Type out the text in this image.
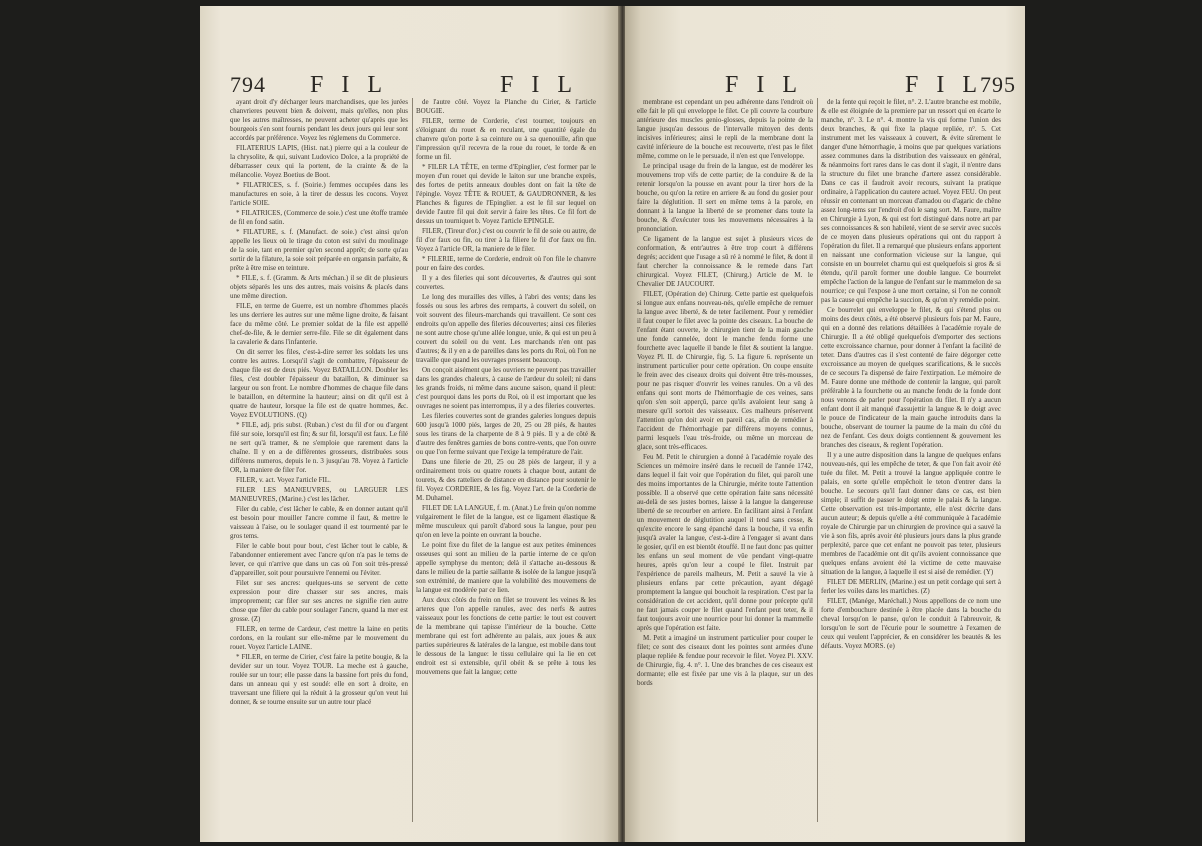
794 F I L	F I L

ayant droit d'y décharger leurs marchandises, que les jurées chanvrieres peuvent bien & doivent, mais qu'elles, non plus que les autres maîtresses, ne peuvent acheter qu'après que les bourgeois s'en sont fournis pendant les deux jours qui leur sont accordés par préférence. Voyez les réglemens du Commerce.

FILATERIUS LAPIS, (Hist. nat.) pierre qui a la couleur de la chrysolite, & qui, suivant Ludovico Dolce, a la propriété de débarrasser ceux qui la portent, de la crainte & de la mélancolie. Voyez Boetius de Boot.

* FILATRICES, s. f. (Soirie.) femmes occupées dans les manufactures en soie, à la tirer de dessus les cocons. Voyez l'article SOIE.

* FILATRICES, (Commerce de soie.) c'est une étoffe tramée de fil en fond satin.

* FILATURE, s. f. (Manufact. de soie.) c'est ainsi qu'on appelle les lieux où le tirage du coton est suivi du moulinage de la soie, tant en premier qu'en second apprêt; de sorte qu'au sortir de la filature, la soie soit préparée en organsin parfaite, & prête à être mise en teinture.

* FILE, s. f. (Gramm. & Arts méchan.) il se dit de plusieurs objets séparés les uns des autres, mais voisins & placés dans une même direction.

FILE, en terme de Guerre, est un nombre d'hommes placés les uns derriere les autres sur une même ligne droite, & faisant face du même côté. Le premier soldat de la file est appellé chef-de-file, & le dernier serre-file. File se dit également dans la cavalerie & dans l'infanterie.

On dit serrer les files, c'est-à-dire serrer les soldats les uns contre les autres. Lorsqu'il s'agit de combattre, l'épaisseur de chaque file est de deux piés. Voyez BATAILLON. Doubler les files, c'est doubler l'épaisseur du bataillon, & diminuer sa largeur ou son front. Le nombre d'hommes de chaque file dans le bataillon, en détermine la hauteur; ainsi on dit qu'il est à quatre de hauteur, lorsque la file est de quatre hommes, &c. Voyez EVOLUTIONS. (Q)

* FILE, adj. pris subst. (Ruban.) c'est du fil d'or ou d'argent filé sur soie, lorsqu'il est fin; & sur fil, lorsqu'il est faux. Le filé ne sert qu'à tramer, & ne s'emploie que rarement dans la chaîne. Il y en a de différentes grosseurs, distribuées sous différens numeros, depuis le n. 3 jusqu'au 78. Voyez à l'article OR, la maniere de filer l'or.

FILER, v. act. Voyez l'article FIL.

FILER LES MANŒUVRES, ou LARGUER LES MANŒUVRES, (Marine.) c'est les lâcher.

Filer du cable, c'est lâcher le cable, & en donner autant qu'il est besoin pour mouiller l'ancre comme il faut, & mettre le vaisseau à l'aise, ou le soulager quand il est tourmenté par le gros tems.

Filer le cable bout pour bout, c'est lâcher tout le cable, & l'abandonner entierement avec l'ancre qu'on n'a pas le tems de lever, ce qui n'arrive que dans un cas où l'on soit très-pressé d'appareiller, soit pour poursuivre l'ennemi ou l'éviter.

Filet sur ses ancres: quelques-uns se servent de cette expression pour dire chasser sur ses ancres, mais improprement; car filer sur ses ancres ne signifie rien autre chose que filer du cable pour soulager l'ancre, quand la mer est grosse. (Z)

FILER, en terme de Cardeur, c'est mettre la laine en petits cordons, en la roulant sur elle-même par le mouvement du rouet. Voyez l'article LAINE.

* FILER, en terme de Cirier, c'est faire la petite bougie, & la devider sur un tour. Voyez TOUR. La meche est à gauche, roulée sur un tour; elle passe dans la bassine fort près du fond, dans un anneau qui y est soudé: elle en sort à droite, en traversant une filiere qui la réduit à la grosseur qu'on veut lui donner, & se tourne ensuite sur un autre tour placé

de l'autre côté. Voyez la Planche du Cirier, & l'article BOUGIE.

FILER, terme de Corderie, c'est tourner, toujours en s'éloignant du rouet & en reculant, une quantité égale du chanvre qu'on porte à sa ceinture ou à sa quenouille, afin que l'impression qu'il recevra de la roue du rouet, le torde & en forme un fil.

* FILER LA TÊTE, en terme d'Epinglier, c'est former par le moyen d'un rouet qui devide le laiton sur une branche exprès, des fortes de petits anneaux doubles dont on fait la tête de l'épingle. Voyez TÊTE & ROUET, & GAUDRONNER, & les Planches & figures de l'Epinglier. a est le fil sur lequel on devide l'autre fil qui doit servir à faire les têtes. Ce fil fort de dessus un tourniquet b. Voyez l'article EPINGLE.

FILER, (Tireur d'or.) c'est ou couvrir le fil de soie ou autre, de fil d'or faux ou fin, ou tirer à la filiere le fil d'or faux ou fin. Voyez à l'article OR, la maniere de le filer.

* FILERIE, terme de Corderie, endroit où l'on file le chanvre pour en faire des cordes.

Il y a des fileries qui sont découvertes, & d'autres qui sont couvertes.

Le long des murailles des villes, à l'abri des vents; dans les fossés ou sous les arbres des remparts, à couvert du soleil, on voit souvent des fileurs-marchands qui travaillent. Ce sont ces endroits qu'on appelle des fileries découvertes; ainsi ces fileries ne sont autre chose qu'une allée longue, unie, & qui est un peu à couvert du soleil ou du vent. Les marchands n'en ont pas d'autres; & il y en a de pareilles dans les ports du Roi, où l'on ne travaille que quand les ouvrages pressent beaucoup.

On conçoit aisément que les ouvriers ne peuvent pas travailler dans les grandes chaleurs, à cause de l'ardeur du soleil; ni dans les grands froids, ni même dans aucune saison, quand il pleut: c'est pourquoi dans les ports du Roi, où il est important que les ouvrages ne soient pas interrompus, il y a des fileries couvertes.

Les fileries couvertes sont de grandes galeries longues depuis 600 jusqu'à 1000 piés, larges de 20, 25 ou 28 piés, & hautes sous les tirans de la charpente de 8 à 9 piés. Il y a de côté & d'autre des fenêtres garnies de bons contre-vents, que l'on ouvre ou que l'on ferme suivant que l'exige la température de l'air.

Dans une filerie de 20, 25 ou 28 piés de largeur, il y a ordinairement trois ou quatre rouets à chaque bout, autant de tourets, & des ratteliers de distance en distance pour soutenir le fil. Voyez CORDERIE, & les fig. Voyez l'art. de la Corderie de M. Duhamel.

FILET DE LA LANGUE, f. m. (Anat.) Le frein qu'on nomme vulgairement le filet de la langue, est ce ligament élastique & même musculeux qui paroît d'abord sous la langue, pour peu qu'on en leve la pointe en ouvrant la bouche.

Le point fixe du filet de la langue est aux petites éminences osseuses qui sont au milieu de la partie interne de ce qu'on appelle symphyse du menton; delà il s'attache au-dessous & dans le milieu de la partie saillante & isolée de la langue jusqu'à son extrémité, de maniere que la volubilité des mouvemens de la langue est modérée par ce lien.

Aux deux côtés du frein on filet se trouvent les veines & les arteres que l'on appelle ranules, avec des nerfs & autres vaisseaux pour les fonctions de cette partie: le tout est couvert de la membrane qui tapisse l'intérieur de la bouche. Cette membrane qui est fort adhérente au palais, aux joues & aux parties supérieures & latérales de la langue, est mobile dans tout le dessous de la langue: le tissu cellulaire qui la lie en cet endroit est si extensible, qu'il obéit & se prête à tous les mouvemens que fait la langue; cette

F I L	F I L
795

membrane est cependant un peu adhérente dans l'endroit où elle fait le pli qui enveloppe le filet. Ce pli couvre la courbure antérieure des muscles genio-glosses, depuis la pointe de la langue jusqu'au dessous de l'intervalle mitoyen des dents incisives inférieures; ainsi le repli de la membrane dont la cavité inférieure de la bouche est recouverte, n'est pas le filet même, comme on le le persuade, il n'en est que l'enveloppe.

Le principal usage du frein de la langue, est de modérer les mouvemens trop vifs de cette partie; de la conduire & de la retenir lorsqu'on la pousse en avant pour la tirer hors de la bouche, ou qu'on la retire en arriere & au fond du gosier pour faire la déglutition. Il sert en même tems à la parole, en donnant à la langue la liberté de se promener dans toute la bouche, & d'exécuter tous les mouvemens nécessaires à la prononciation.

Ce ligament de la langue est sujet à plusieurs vices de conformation, & entr'autres à être trop court à différens degrés; accident que l'usage a sû ré à nommé le filet, & dont il faut chercher la connoissance & le remede dans l'art chirurgical. Voyez FILET, (Chirurg.) Article de M. le Chevalier DE JAUCOURT.

FILET, (Opération de) Chirurg. Cette partie est quelquefois si longue aux enfans nouveau-nés, qu'elle empêche de remuer la langue avec liberté, & de teter facilement. Pour y remédier il faut couper le filet avec la pointe des ciseaux. La bouche de l'enfant étant ouverte, le chirurgien tient de la main gauche une fonde cannelée, dont le manche fendu forme une fourchette avec laquelle il bande le filet & soutient la langue. Voyez Pl. II. de Chirurgie, fig. 5. La figure 6. représente un instrument particulier pour cette opération. On coupe ensuite le frein avec des ciseaux droits qui doivent être très-mousses, pour ne pas risquer d'ouvrir les veines ranules. On a vû des enfans qui sont morts de l'hémorrhagie de ces veines, sans qu'on s'en soit apperçû, parce qu'ils avaloient leur sang à mesure qu'il sortoit des vaisseaux. Ces malheurs préservent l'attention qu'on doit avoir en pareil cas, afin de remédier à l'accident de l'hémorrhagie par différens moyens connus, parmi lesquels l'eau très-froide, ou même un morceau de glace, sont très-efficaces.

Feu M. Petit le chirurgien a donné à l'académie royale des Sciences un mémoire inséré dans le recueil de l'année 1742, dans lequel il fait voir que l'opération du filet, qui paroît une des moins importantes de la Chirurgie, mérite toute l'attention possible. Il a observé que cette opération faite sans nécessité au-delà de ses justes bornes, laisse à la langue la dangereuse liberté de se recourber en arriere. En facilitant ainsi à l'enfant un mouvement de déglutition auquel il tend sans cesse, & qu'excite encore le sang épanché dans la bouche, il va enfin jusqu'à avaler la langue, c'est-à-dire à l'engager si avant dans le gosier, qu'il en est bientôt étouffé. Il ne faut donc pas quitter les enfans un seul moment de vûe pendant vingt-quatre heures, après qu'on leur a coupé le filet. Instruit par l'expérience de pareils malheurs, M. Petit a sauvé la vie à plusieurs enfans par cette précaution, ayant dégagé promptement la langue qui bouchoit la respiration. C'est par la considération de cet accident, qu'il donne pour précepte qu'il ne faut jamais couper le filet quand l'enfant peut teter, & il faut toujours avoir une nourrice pour lui donner la mammelle après que l'opération est faite.

M. Petit a imaginé un instrument particulier pour couper le filet; ce sont des ciseaux dont les pointes sont armées d'une plaque repliée & fendue pour recevoir le filet. Voyez Pl. XXV. de Chirurgie, fig. 4. n°. 1. Une des branches de ces ciseaux est dormante; elle est fixée par une vis à la plaque, sur un des bords

de la fente qui reçoit le filet, n°. 2. L'autre branche est mobile, & elle est éloignée de la premiere par un ressort qui en écarte le manche, n°. 3. Le n°. 4. montre la vis qui forme l'union des deux branches, & qui fixe la plaque repliée, n°. 5. Cet instrument met les vaisseaux à couvert, & évite sûrement le danger d'une hémorrhagie, à moins que par quelques variations assez communes dans la distribution des vaisseaux en général, & néanmoins fort rares dans le cas dont il s'agit, il n'entre dans la structure du filet une branche d'artere assez considérable. Dans ce cas il faudroit avoir recours, suivant la pratique ordinaire, à l'application du cautere actuel. Voyez FEU. On peut réussir en contenant un morceau d'amadou ou d'agaric de chêne assez long-tems sur l'endroit d'où le sang sort. M. Faure, maître en Chirurgie à Lyon, & qui est fort distingué dans notre art par ses connoissances & son habileté, vient de se servir avec succès de ce moyen dans plusieurs opérations qui ont du rapport à l'opération du filet. Il a remarqué que plusieurs enfans apportent en naissant une conformation vicieuse sur la langue, qui consiste en un bourrelet charnu qui est quelquefois si gros & si étendu, qu'il paroît former une double langue. Ce bourrelet empêche l'action de la langue de l'enfant sur le mammelon de sa nourrice; ce qui l'expose à une mort certaine, si l'on ne connoît pas la cause qui empêche la succion, & qu'on n'y remédie point.

Ce bourrelet qui enveloppe le filet, & qui s'étend plus ou moins des deux côtés, a été observé plusieurs fois par M. Faure, qui en a donné des relations détaillées à l'académie royale de Chirurgie. Il a été obligé quelquefois d'emporter des sections cette excroissance charnue, pour donner à l'enfant la facilité de teter. Dans d'autres cas il s'est contenté de faire dégorger cette excroissance au moyen de quelques scarifications, & le succès de ce secours l'a dispensé de faire l'extirpation. Le mémoire de M. Faure donne une méthode de contenir la langue, qui paroît préférable à la fourchette ou au manche fendu de la fonde dont nous venons de parler pour l'opération du filet. Il n'y a aucun enfant dont il ait manqué d'assujettir la langue & le doigt avec le pouce de l'indicateur de la main gauche introduits dans la bouche, observant de tourner la paume de la main du côté du nez de l'enfant. Ces deux doigts contiennent & gouvernent les branches des ciseaux, & reglent l'opération.

Il y a une autre disposition dans la langue de quelques enfans nouveau-nés, qui les empêche de teter, & que l'on fait avoir été tuée du filet. M. Petit a trouvé la langue appliquée contre le palais, en sorte qu'elle empêchoit le teton d'entrer dans la bouche. Le secours qu'il faut donner dans ce cas, est bien simple; il suffit de passer le doigt entre le palais & la langue. Cette observation est très-importante, elle n'est décrite dans aucun auteur; & depuis qu'elle a été communiquée à l'académie royale de Chirurgie par un chirurgien de province qui a sauvé la vie à son fils, après avoir été plusieurs jours dans la plus grande perplexité, parce que cet enfant ne pouvoit pas teter, plusieurs membres de l'académie ont dit qu'ils avoient connoissance que quelques enfans avoient été la victime de cette mauvaise situation de la langue, à laquelle il est si aisé de remédier. (Y)

FILET DE MERLIN, (Marine.) est un petit cordage qui sert à ferler les voiles dans les martiches. (Z)

FILET, (Manége, Maréchall.) Nous appellons de ce nom une forte d'embouchure destinée à être placée dans la bouche du cheval lorsqu'on le panse, qu'on le conduit à l'abreuvoir, & lorsqu'on le sort de l'écurie pour le soumettre à l'examen de ceux qui veulent l'apprécier, & en considérer les beautés & les défauts. Voyez MORS. (e)
